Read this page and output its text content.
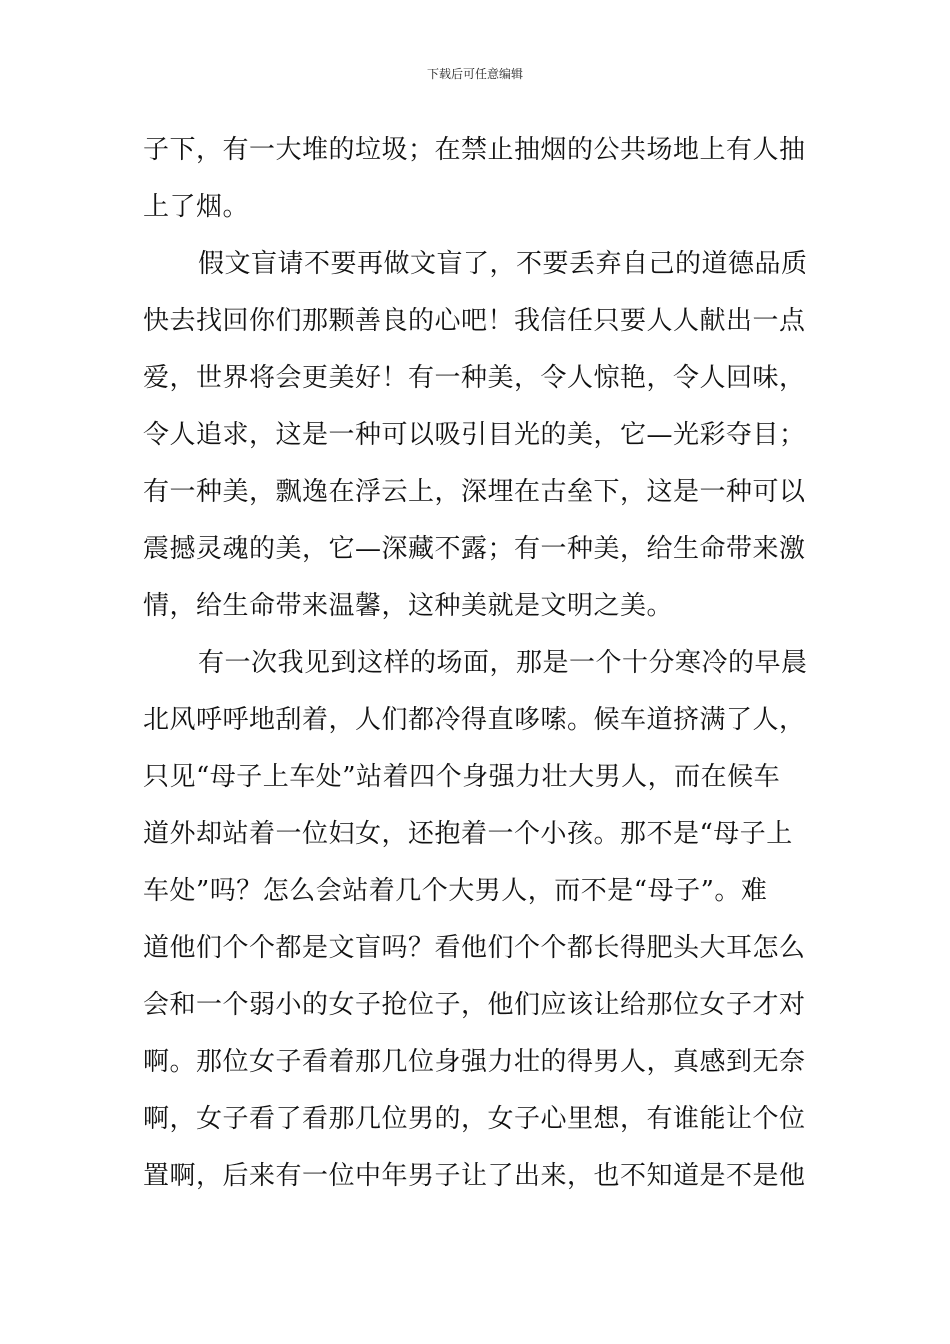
下载后可任意编辑
子下，有一大堆的垃圾；在禁止抽烟的公共场地上有人抽
上了烟。
假文盲请不要再做文盲了，不要丢弃自己的道德品质
快去找回你们那颗善良的心吧！我信任只要人人献出一点
爱，世界将会更美好！有一种美，令人惊艳，令人回味，
令人追求，这是一种可以吸引目光的美，它—光彩夺目；
有一种美，飘逸在浮云上，深埋在古垒下，这是一种可以
震撼灵魂的美，它—深藏不露；有一种美，给生命带来激
情，给生命带来温馨，这种美就是文明之美。
有一次我见到这样的场面，那是一个十分寒冷的早晨
北风呼呼地刮着，人们都冷得直哆嗦。候车道挤满了人，
只见“母子上车处”站着四个身强力壮大男人，而在候车
道外却站着一位妇女，还抱着一个小孩。那不是“母子上
车处”吗？怎么会站着几个大男人，而不是“母子”。难
道他们个个都是文盲吗？看他们个个都长得肥头大耳怎么
会和一个弱小的女子抢位子，他们应该让给那位女子才对
啊。那位女子看着那几位身强力壮的得男人，真感到无奈
啊，女子看了看那几位男的，女子心里想，有谁能让个位
置啊，后来有一位中年男子让了出来，也不知道是不是他
